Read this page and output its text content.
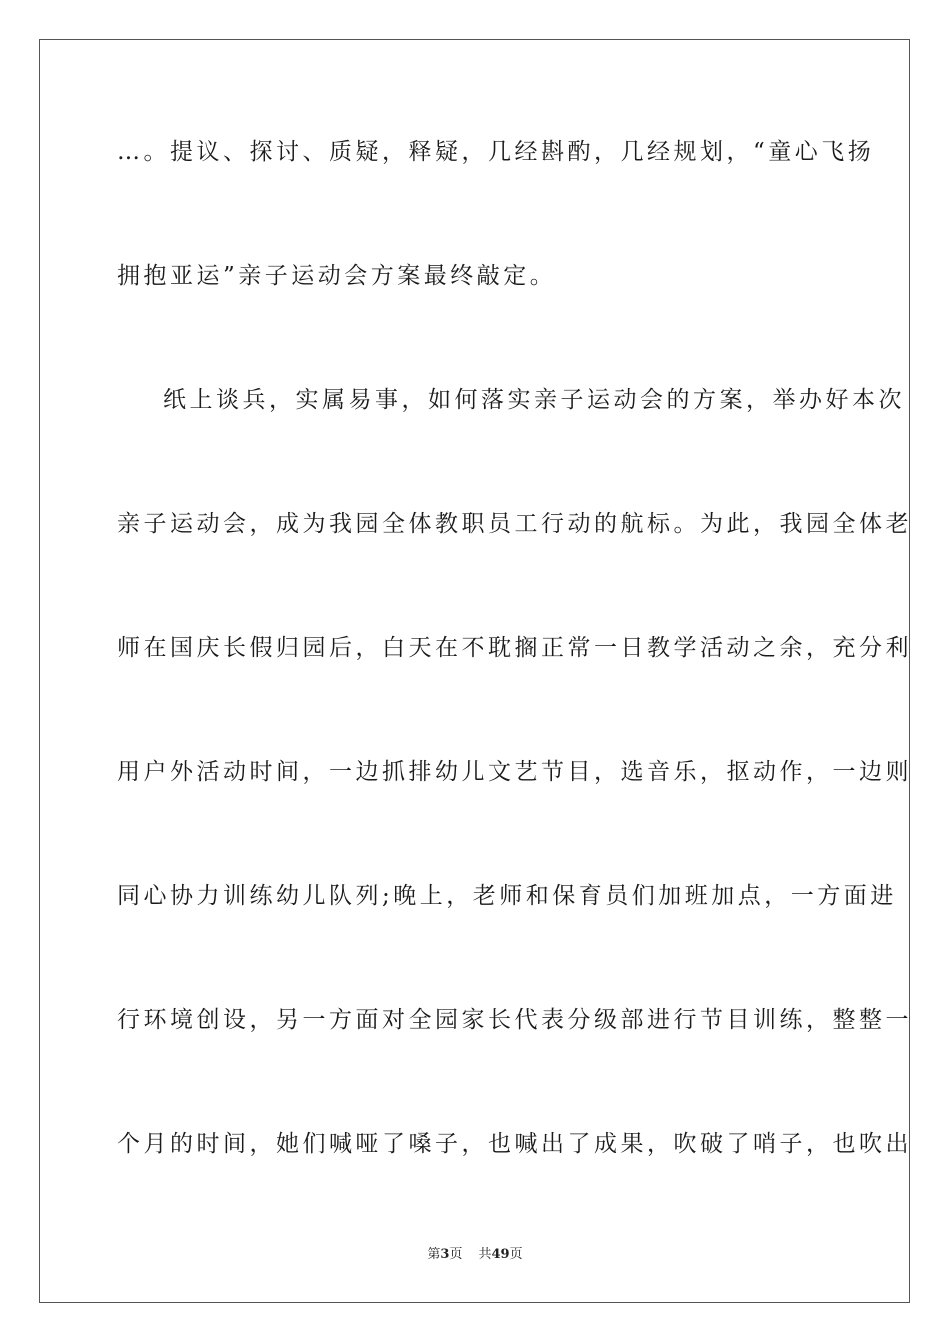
…。提议、探讨、质疑，释疑，几经斟酌，几经规划，“童心飞扬
拥抱亚运”亲子运动会方案最终敲定。
纸上谈兵，实属易事，如何落实亲子运动会的方案，举办好本次
亲子运动会，成为我园全体教职员工行动的航标。为此，我园全体老
师在国庆长假归园后，白天在不耽搁正常一日教学活动之余，充分利
用户外活动时间，一边抓排幼儿文艺节目，选音乐，抠动作，一边则
同心协力训练幼儿队列;晚上，老师和保育员们加班加点，一方面进
行环境创设，另一方面对全园家长代表分级部进行节目训练，整整一
个月的时间，她们喊哑了嗓子，也喊出了成果，吹破了哨子，也吹出
第3页 共49页
